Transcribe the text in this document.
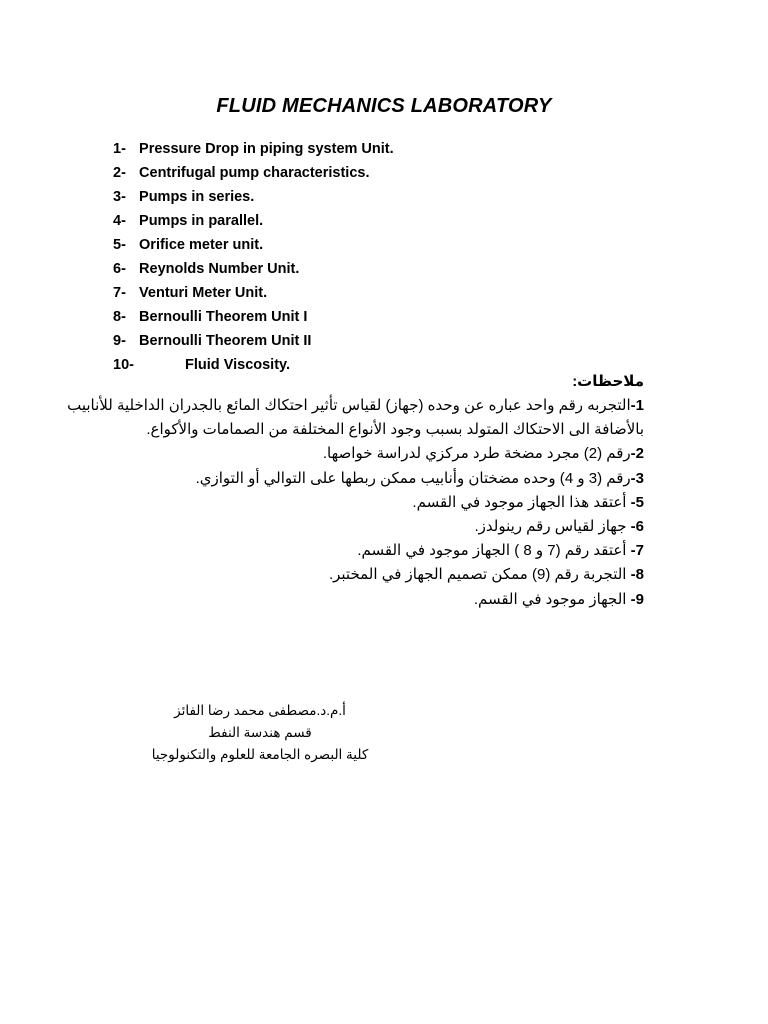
FLUID MECHANICS LABORATORY
1- Pressure Drop in piping system Unit.
2- Centrifugal pump characteristics.
3- Pumps in series.
4- Pumps in parallel.
5- Orifice meter unit.
6- Reynolds Number Unit.
7- Venturi Meter Unit.
8- Bernoulli Theorem Unit I
9- Bernoulli Theorem Unit II
10-	Fluid Viscosity.
ملاحظات:
1-التجربه رقم واحد عباره عن وحده (جهاز) لقياس تأثير احتكاك المائع بالجدران الداخلية للأنابيب
بالأضافة الى الاحتكاك المتولد بسبب وجود الأنواع المختلفة من الصمامات والأكواع.
2-رقم (2) مجرد مضخة طرد مركزي لدراسة خواصها.
3-رقم (3 و 4) وحده مضختان وأنابيب ممكن ربطها على التوالي أو التوازي.
5- أعتقد هذا الجهاز موجود في القسم.
6- جهاز لقياس رقم رينولدز.
7- أعتقد رقم (7 و 8 ) الجهاز موجود في القسم.
8- التجربة رقم (9) ممكن تصميم الجهاز في المختبر.
9- الجهاز موجود في القسم.
أ.م.د.مصطفى محمد رضا الفائز
قسم هندسة النفط
كلية البصره الجامعة للعلوم والتكنولوجيا
